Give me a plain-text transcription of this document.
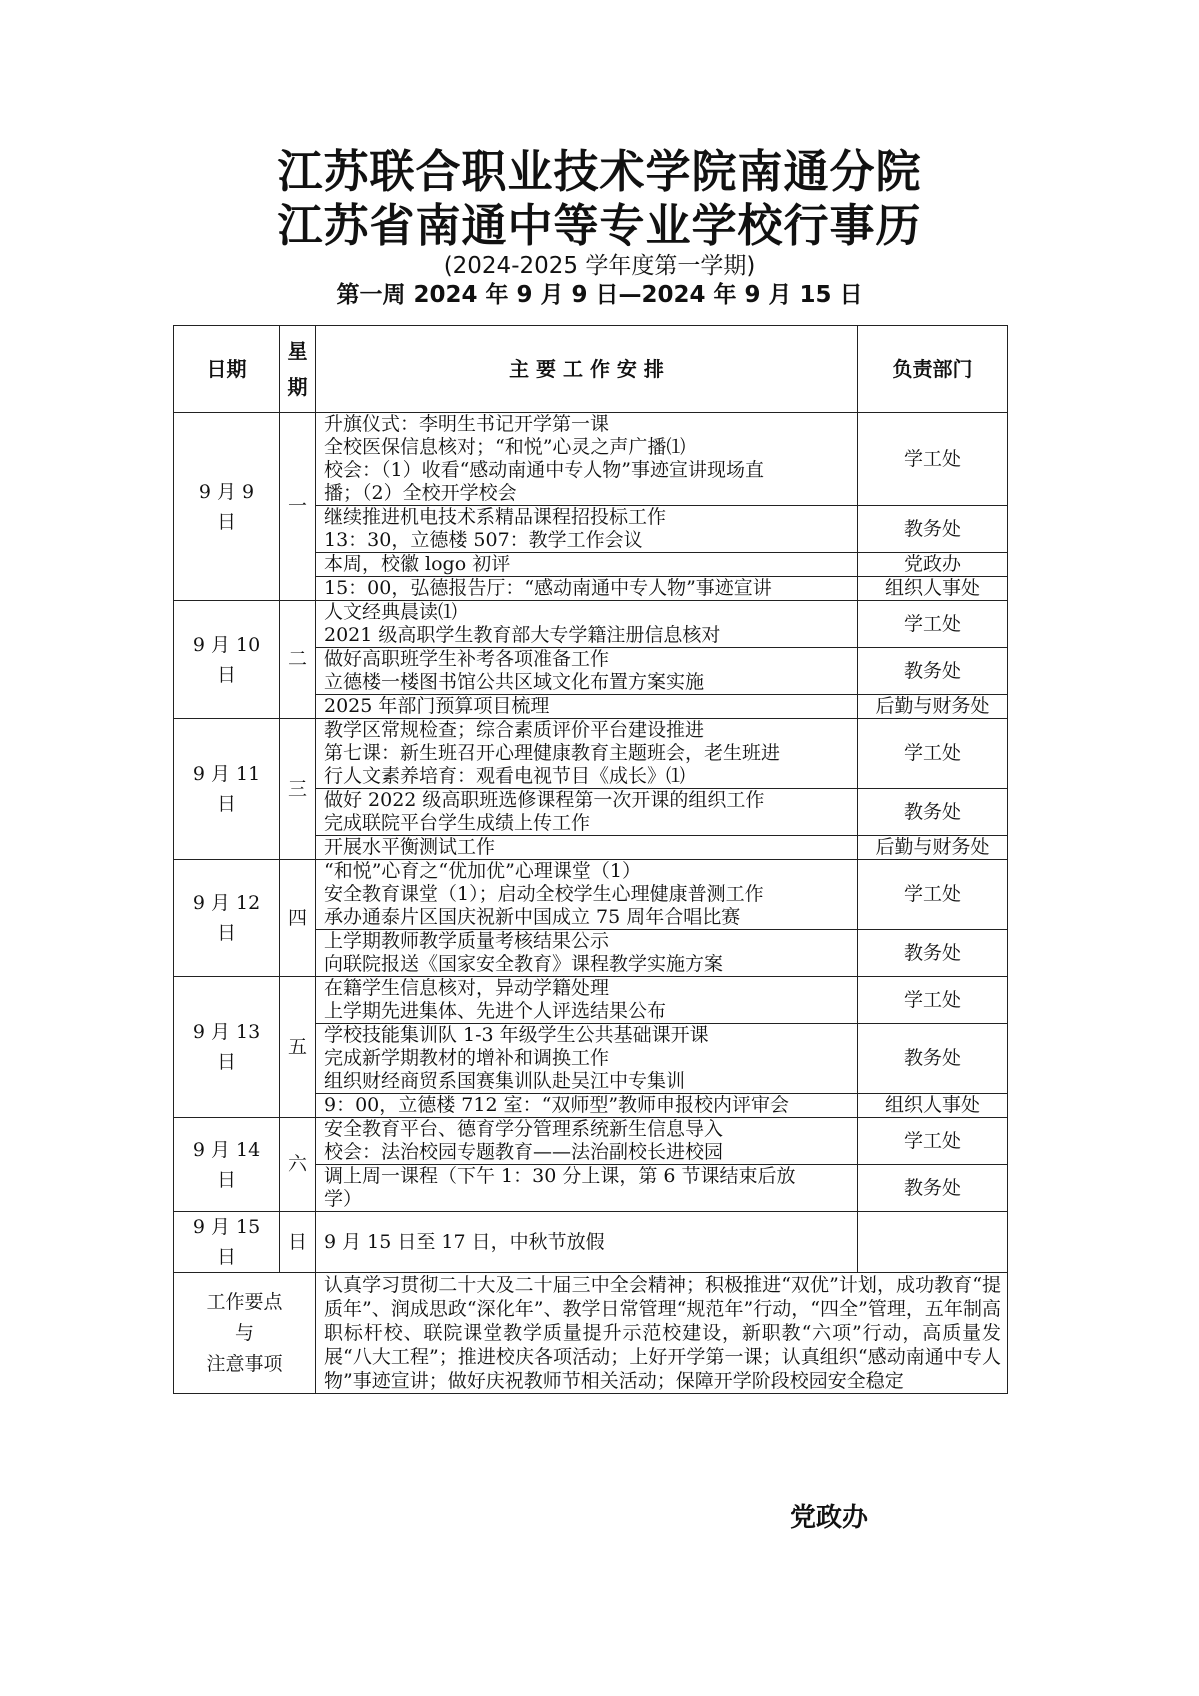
江苏联合职业技术学院南通分院
江苏省南通中等专业学校行事历
(2024-2025 学年度第一学期)
第一周 2024 年 9 月 9 日—2024 年 9 月 15 日
日期	星期	主 要 工 作 安 排	负责部门
9 月 9 日	一	升旗仪式：李明生书记开学第一课
全校医保信息核对；“和悦”心灵之声广播⑴
校会：（1）收看“感动南通中专人物”事迹宣讲现场直
播；（2）全校开学校会	学工处

		继续推进机电技术系精品课程招投标工作
13：30，立德楼 507：教学工作会议	教务处

		本周，校徽 logo 初评	党政办

		15：00，弘德报告厅：“感动南通中专人物”事迹宣讲	组织人事处
9 月 10 日	二	人文经典晨读⑴
2021 级高职学生教育部大专学籍注册信息核对	学工处

		做好高职班学生补考各项准备工作
立德楼一楼图书馆公共区域文化布置方案实施	教务处

		2025 年部门预算项目梳理	后勤与财务处
9 月 11 日	三	教学区常规检查；综合素质评价平台建设推进
第七课：新生班召开心理健康教育主题班会，老生班进
行人文素养培育：观看电视节目《成长》⑴	学工处

		做好 2022 级高职班选修课程第一次开课的组织工作
完成联院平台学生成绩上传工作	教务处

		开展水平衡测试工作	后勤与财务处
9 月 12 日	四	“和悦”心育之“优加优”心理课堂（1）
安全教育课堂（1）；启动全校学生心理健康普测工作
承办通泰片区国庆祝新中国成立 75 周年合唱比赛	学工处

		上学期教师教学质量考核结果公示
向联院报送《国家安全教育》课程教学实施方案	教务处
9 月 13 日	五	在籍学生信息核对，异动学籍处理
上学期先进集体、先进个人评选结果公布	学工处

		学校技能集训队 1-3 年级学生公共基础课开课
完成新学期教材的增补和调换工作
组织财经商贸系国赛集训队赴吴江中专集训	教务处

		9：00，立德楼 712 室：“双师型”教师申报校内评审会	组织人事处
9 月 14 日	六	安全教育平台、德育学分管理系统新生信息导入
校会：法治校园专题教育——法治副校长进校园	学工处

		调上周一课程（下午 1：30 分上课，第 6 节课结束后放
学）	教务处
9 月 15 日	日	9 月 15 日至 17 日，中秋节放假	

工作要点
与
注意事项		认真学习贯彻二十大及二十届三中全会精神；积极推进“双优”计划，成功教育“提质年”、润成思政“深化年”、教学日常管理“规范年”行动，“四全”管理，五年制高职标杆校、联院课堂教学质量提升示范校建设，新职教“六项”行动，高质量发展“八大工程”；推进校庆各项活动；上好开学第一课；认真组织“感动南通中专人物”事迹宣讲；做好庆祝教师节相关活动；保障开学阶段校园安全稳定	
党政办
